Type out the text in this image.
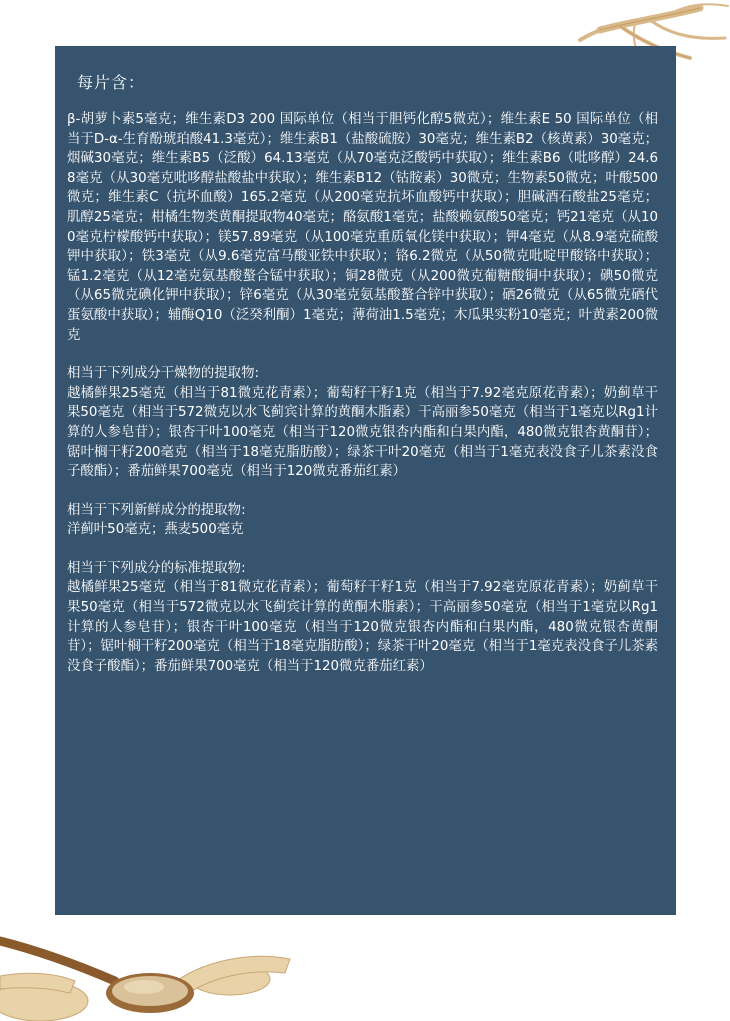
每片含：

β-胡萝卜素5毫克；维生素D3 200 国际单位（相当于胆钙化醇5微克）；维生素E 50 国际单位（相当于D-α-生育酚琥珀酸41.3毫克）；维生素B1（盐酸硫胺）30毫克；维生素B2（核黄素）30毫克；烟碱30毫克；维生素B5（泛酸）64.13毫克（从70毫克泛酸钙中获取）；维生素B6（吡哆醇）24.68毫克（从30毫克吡哆醇盐酸盐中获取）；维生素B12（钴胺素）30微克；生物素50微克；叶酸500微克；维生素C（抗坏血酸）165.2毫克（从200毫克抗坏血酸钙中获取）；胆碱酒石酸盐25毫克；肌醇25毫克；柑橘生物类黄酮提取物40毫克；酪氨酸1毫克；盐酸赖氨酸50毫克；钙21毫克（从100毫克柠檬酸钙中获取）；镁57.89毫克（从100毫克重质氧化镁中获取）；钾4毫克（从8.9毫克硫酸钾中获取）；铁3毫克（从9.6毫克富马酸亚铁中获取）；铬6.2微克（从50微克吡啶甲酸铬中获取）；锰1.2毫克（从12毫克氨基酸螯合锰中获取）；铜28微克（从200微克葡糖酸铜中获取）；碘50微克（从65微克碘化钾中获取）；锌6毫克（从30毫克氨基酸螯合锌中获取）；硒26微克（从65微克硒代蛋氨酸中获取）；辅酶Q10（泛癸利酮）1毫克；薄荷油1.5毫克；木瓜果实粉10毫克；叶黄素200微克

相当于下列成分干燥物的提取物:

越橘鲜果25毫克（相当于81微克花青素）；葡萄籽干籽1克（相当于7.92毫克原花青素）；奶蓟草干果50毫克（相当于572微克以水飞蓟宾计算的黄酮木脂素）干高丽参50毫克（相当于1毫克以Rg1计算的人参皂苷）；银杏干叶100毫克（相当于120微克银杏内酯和白果内酯，480微克银杏黄酮苷）；锯叶榈干籽200毫克（相当于18毫克脂肪酸）；绿茶干叶20毫克（相当于1毫克表没食子儿茶素没食子酸酯）；番茄鲜果700毫克（相当于120微克番茄红素）

相当于下列新鲜成分的提取物:

洋蓟叶50毫克；燕麦500毫克

相当于下列成分的标准提取物:

越橘鲜果25毫克（相当于81微克花青素）；葡萄籽干籽1克（相当于7.92毫克原花青素）；奶蓟草干果50毫克（相当于572微克以水飞蓟宾计算的黄酮木脂素）；干高丽参50毫克（相当于1毫克以Rg1计算的人参皂苷）；银杏干叶100毫克（相当于120微克银杏内酯和白果内酯，480微克银杏黄酮苷）；锯叶榈干籽200毫克（相当于18毫克脂肪酸）；绿茶干叶20毫克（相当于1毫克表没食子儿茶素没食子酸酯）；番茄鲜果700毫克（相当于120微克番茄红素）
